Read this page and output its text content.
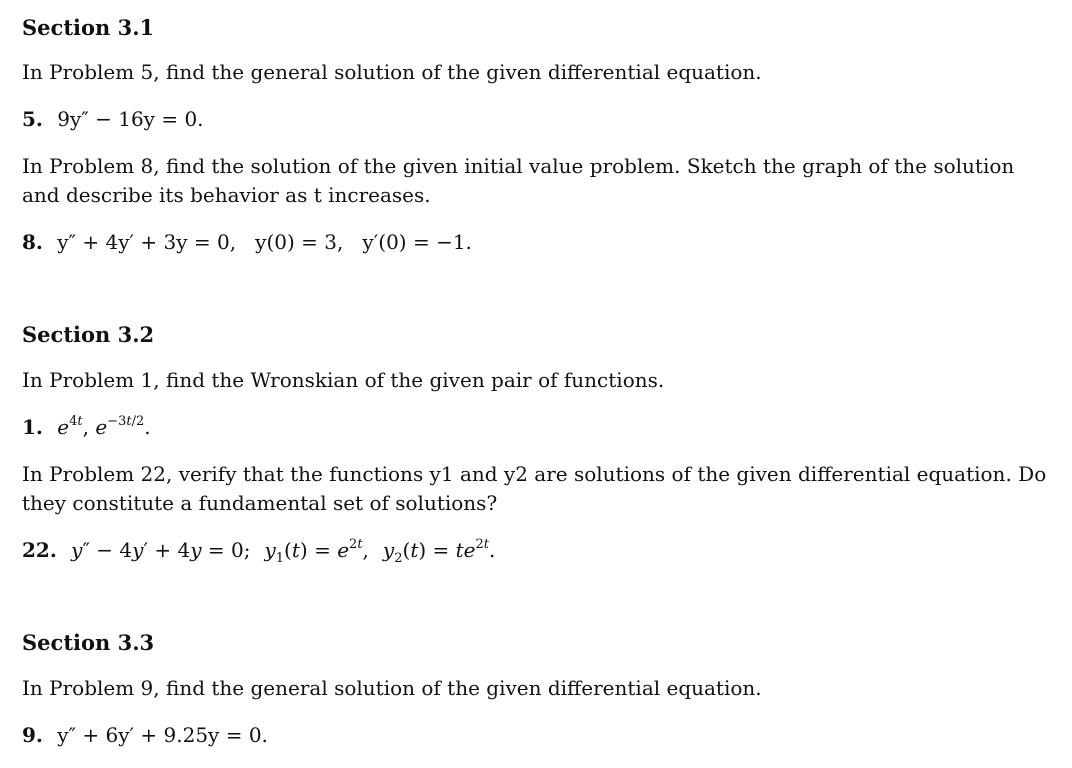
Section 3.1
In Problem 5, find the general solution of the given differential equation.
5. 9y″ − 16y = 0.
In Problem 8, find the solution of the given initial value problem. Sketch the graph of the solution and describe its behavior as t increases.
8. y″ + 4y′ + 3y = 0,   y(0) = 3,   y′(0) = −1.
Section 3.2
In Problem 1, find the Wronskian of the given pair of functions.
1. $e^{4t}$, $e^{-3t/2}$.
In Problem 22, verify that the functions y1 and y2 are solutions of the given differential equation. Do they constitute a fundamental set of solutions?
22. y″ − 4y′ + 4y = 0; $y_1(t) = e^{2t}$, $y_2(t) = te^{2t}$.
Section 3.3
In Problem 9, find the general solution of the given differential equation.
9. y″ + 6y′ + 9.25y = 0.
